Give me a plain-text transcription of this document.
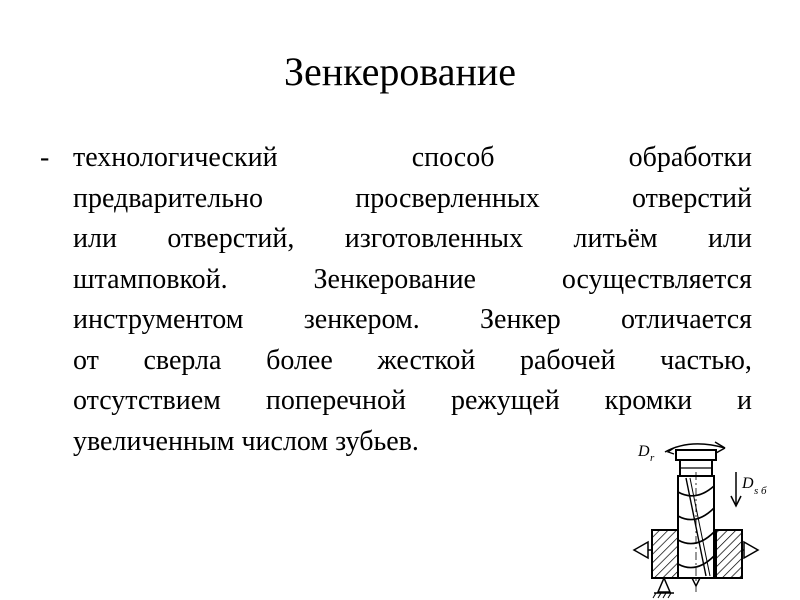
Зенкерование
- технологический	способ	обработки
предварительно	просверленных	отверстий
или отверстий, изготовленных литьём или
штамповкой.	Зенкерование	осуществляется
инструментом зенкером. Зенкер отличается
от сверла более жесткой рабочей частью,
отсутствием поперечной режущей кромки и
увеличенным числом зубьев.	D r
D s б
